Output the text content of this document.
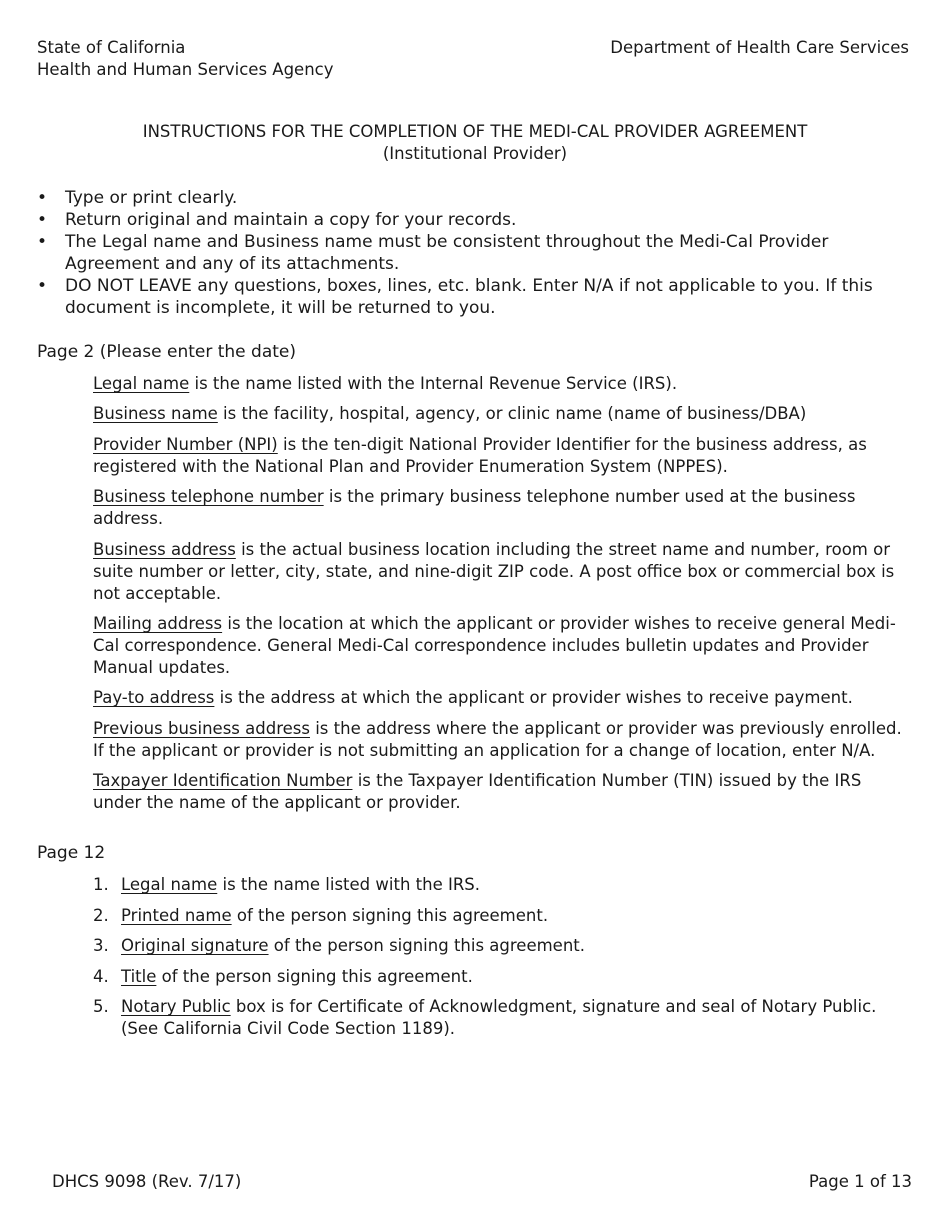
State of California
Health and Human Services Agency
Department of Health Care Services
INSTRUCTIONS FOR THE COMPLETION OF THE MEDI-CAL PROVIDER AGREEMENT
(Institutional Provider)
• Type or print clearly.
• Return original and maintain a copy for your records.
• The Legal name and Business name must be consistent throughout the Medi-Cal Provider Agreement and any of its attachments.
• DO NOT LEAVE any questions, boxes, lines, etc. blank. Enter N/A if not applicable to you. If this document is incomplete, it will be returned to you.
Page 2 (Please enter the date)

Legal name is the name listed with the Internal Revenue Service (IRS).

Business name is the facility, hospital, agency, or clinic name (name of business/DBA)

Provider Number (NPI) is the ten-digit National Provider Identifier for the business address, as registered with the National Plan and Provider Enumeration System (NPPES).

Business telephone number is the primary business telephone number used at the business address.

Business address is the actual business location including the street name and number, room or suite number or letter, city, state, and nine-digit ZIP code. A post office box or commercial box is not acceptable.

Mailing address is the location at which the applicant or provider wishes to receive general Medi-Cal correspondence. General Medi-Cal correspondence includes bulletin updates and Provider Manual updates.

Pay-to address is the address at which the applicant or provider wishes to receive payment.

Previous business address is the address where the applicant or provider was previously enrolled. If the applicant or provider is not submitting an application for a change of location, enter N/A.

Taxpayer Identification Number is the Taxpayer Identification Number (TIN) issued by the IRS under the name of the applicant or provider.

Page 12
1. Legal name is the name listed with the IRS.
2. Printed name of the person signing this agreement.
3. Original signature of the person signing this agreement.
4. Title of the person signing this agreement.
5. Notary Public box is for Certificate of Acknowledgment, signature and seal of Notary Public. (See California Civil Code Section 1189).
DHCS 9098 (Rev. 7/17)	Page 1 of 13
